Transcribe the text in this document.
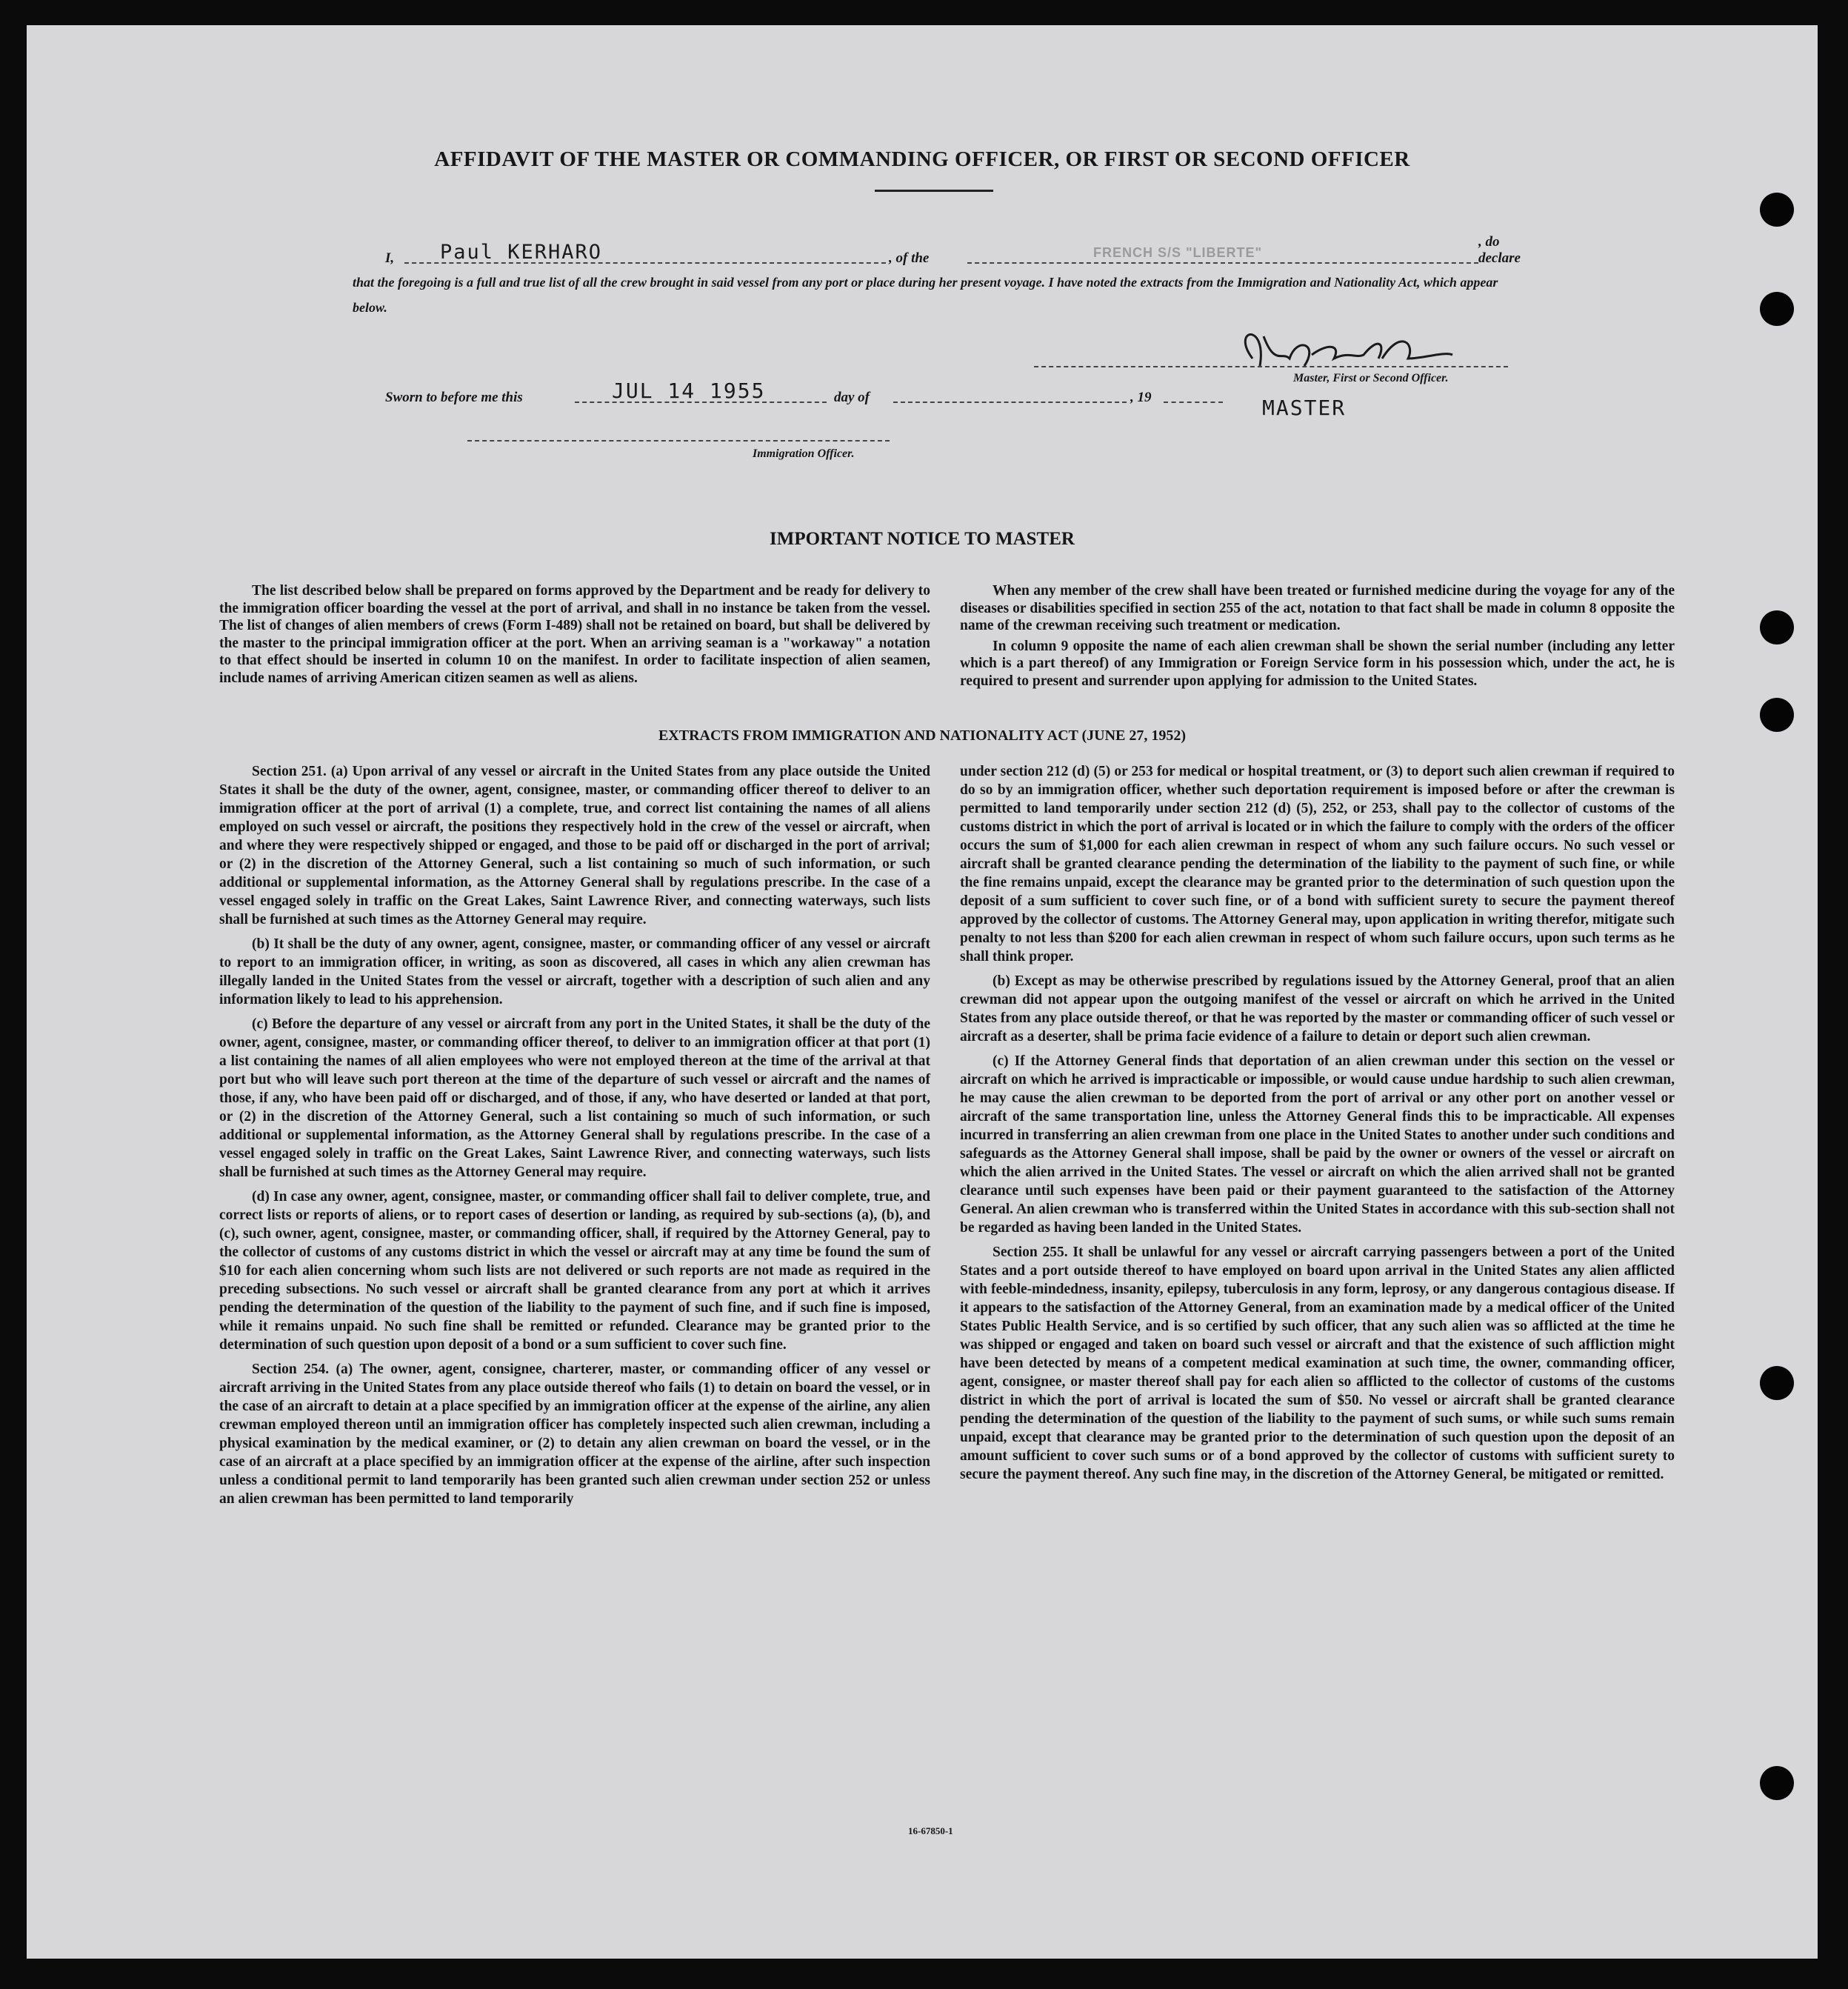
AFFIDAVIT OF THE MASTER OR COMMANDING OFFICER, OR FIRST OR SECOND OFFICER
I, Paul KERHARO	, of the	FRENCH S/S "LIBERTE"
, do declare
that the foregoing is a full and true list of all the crew brought in said vessel from any port or place during her present voyage. I have noted the extracts from the Immigration and Nationality Act, which appear below.
Master, First or Second Officer.
Sworn to before me this	JUL 14 1955	day of	, 19	MASTER
Immigration Officer.
IMPORTANT NOTICE TO MASTER

The list described below shall be prepared on forms approved by the Department and be ready for delivery to the immigration officer boarding the vessel at the port of arrival, and shall in no instance be taken from the vessel. The list of changes of alien members of crews (Form I-489) shall not be retained on board, but shall be delivered by the master to the principal immigration officer at the port. When an arriving seaman is a "workaway" a notation to that effect should be inserted in column 10 on the manifest. In order to facilitate inspection of alien seamen, include names of arriving American citizen seamen as well as aliens.

When any member of the crew shall have been treated or furnished medicine during the voyage for any of the diseases or disabilities specified in section 255 of the act, notation to that fact shall be made in column 8 opposite the name of the crewman receiving such treatment or medication.

In column 9 opposite the name of each alien crewman shall be shown the serial number (including any letter which is a part thereof) of any Immigration or Foreign Service form in his possession which, under the act, he is required to present and surrender upon applying for admission to the United States.

EXTRACTS FROM IMMIGRATION AND NATIONALITY ACT (JUNE 27, 1952)

Section 251. (a) Upon arrival of any vessel or aircraft in the United States from any place outside the United States it shall be the duty of the owner, agent, consignee, master, or commanding officer thereof to deliver to an immigration officer at the port of arrival (1) a complete, true, and correct list containing the names of all aliens employed on such vessel or aircraft, the positions they respectively hold in the crew of the vessel or aircraft, when and where they were respectively shipped or engaged, and those to be paid off or discharged in the port of arrival; or (2) in the discretion of the Attorney General, such a list containing so much of such information, or such additional or supplemental information, as the Attorney General shall by regulations prescribe. In the case of a vessel engaged solely in traffic on the Great Lakes, Saint Lawrence River, and connecting waterways, such lists shall be furnished at such times as the Attorney General may require.

(b) It shall be the duty of any owner, agent, consignee, master, or commanding officer of any vessel or aircraft to report to an immigration officer, in writing, as soon as discovered, all cases in which any alien crewman has illegally landed in the United States from the vessel or aircraft, together with a description of such alien and any information likely to lead to his apprehension.

(c) Before the departure of any vessel or aircraft from any port in the United States, it shall be the duty of the owner, agent, consignee, master, or commanding officer thereof, to deliver to an immigration officer at that port (1) a list containing the names of all alien employees who were not employed thereon at the time of the arrival at that port but who will leave such port thereon at the time of the departure of such vessel or aircraft and the names of those, if any, who have been paid off or discharged, and of those, if any, who have deserted or landed at that port, or (2) in the discretion of the Attorney General, such a list containing so much of such information, or such additional or supplemental information, as the Attorney General shall by regulations prescribe. In the case of a vessel engaged solely in traffic on the Great Lakes, Saint Lawrence River, and connecting waterways, such lists shall be furnished at such times as the Attorney General may require.

(d) In case any owner, agent, consignee, master, or commanding officer shall fail to deliver complete, true, and correct lists or reports of aliens, or to report cases of desertion or landing, as required by sub-sections (a), (b), and (c), such owner, agent, consignee, master, or commanding officer, shall, if required by the Attorney General, pay to the collector of customs of any customs district in which the vessel or aircraft may at any time be found the sum of $10 for each alien concerning whom such lists are not delivered or such reports are not made as required in the preceding subsections. No such vessel or aircraft shall be granted clearance from any port at which it arrives pending the determination of the question of the liability to the payment of such fine, and if such fine is imposed, while it remains unpaid. No such fine shall be remitted or refunded. Clearance may be granted prior to the determination of such question upon deposit of a bond or a sum sufficient to cover such fine.

Section 254. (a) The owner, agent, consignee, charterer, master, or commanding officer of any vessel or aircraft arriving in the United States from any place outside thereof who fails (1) to detain on board the vessel, or in the case of an aircraft to detain at a place specified by an immigration officer at the expense of the airline, any alien crewman employed thereon until an immigration officer has completely inspected such alien crewman, including a physical examination by the medical examiner, or (2) to detain any alien crewman on board the vessel, or in the case of an aircraft at a place specified by an immigration officer at the expense of the airline, after such inspection unless a conditional permit to land temporarily has been granted such alien crewman under section 252 or unless an alien crewman has been permitted to land temporarily

under section 212 (d) (5) or 253 for medical or hospital treatment, or (3) to deport such alien crewman if required to do so by an immigration officer, whether such deportation requirement is imposed before or after the crewman is permitted to land temporarily under section 212 (d) (5), 252, or 253, shall pay to the collector of customs of the customs district in which the port of arrival is located or in which the failure to comply with the orders of the officer occurs the sum of $1,000 for each alien crewman in respect of whom any such failure occurs. No such vessel or aircraft shall be granted clearance pending the determination of the liability to the payment of such fine, or while the fine remains unpaid, except the clearance may be granted prior to the determination of such question upon the deposit of a sum sufficient to cover such fine, or of a bond with sufficient surety to secure the payment thereof approved by the collector of customs. The Attorney General may, upon application in writing therefor, mitigate such penalty to not less than $200 for each alien crewman in respect of whom such failure occurs, upon such terms as he shall think proper.

(b) Except as may be otherwise prescribed by regulations issued by the Attorney General, proof that an alien crewman did not appear upon the outgoing manifest of the vessel or aircraft on which he arrived in the United States from any place outside thereof, or that he was reported by the master or commanding officer of such vessel or aircraft as a deserter, shall be prima facie evidence of a failure to detain or deport such alien crewman.

(c) If the Attorney General finds that deportation of an alien crewman under this section on the vessel or aircraft on which he arrived is impracticable or impossible, or would cause undue hardship to such alien crewman, he may cause the alien crewman to be deported from the port of arrival or any other port on another vessel or aircraft of the same transportation line, unless the Attorney General finds this to be impracticable. All expenses incurred in transferring an alien crewman from one place in the United States to another under such conditions and safeguards as the Attorney General shall impose, shall be paid by the owner or owners of the vessel or aircraft on which the alien arrived in the United States. The vessel or aircraft on which the alien arrived shall not be granted clearance until such expenses have been paid or their payment guaranteed to the satisfaction of the Attorney General. An alien crewman who is transferred within the United States in accordance with this sub-section shall not be regarded as having been landed in the United States.

Section 255. It shall be unlawful for any vessel or aircraft carrying passengers between a port of the United States and a port outside thereof to have employed on board upon arrival in the United States any alien afflicted with feeble-mindedness, insanity, epilepsy, tuberculosis in any form, leprosy, or any dangerous contagious disease. If it appears to the satisfaction of the Attorney General, from an examination made by a medical officer of the United States Public Health Service, and is so certified by such officer, that any such alien was so afflicted at the time he was shipped or engaged and taken on board such vessel or aircraft and that the existence of such affliction might have been detected by means of a competent medical examination at such time, the owner, commanding officer, agent, consignee, or master thereof shall pay for each alien so afflicted to the collector of customs of the customs district in which the port of arrival is located the sum of $50. No vessel or aircraft shall be granted clearance pending the determination of the question of the liability to the payment of such sums, or while such sums remain unpaid, except that clearance may be granted prior to the determination of such question upon the deposit of an amount sufficient to cover such sums or of a bond approved by the collector of customs with sufficient surety to secure the payment thereof. Any such fine may, in the discretion of the Attorney General, be mitigated or remitted.

16-67850-1
